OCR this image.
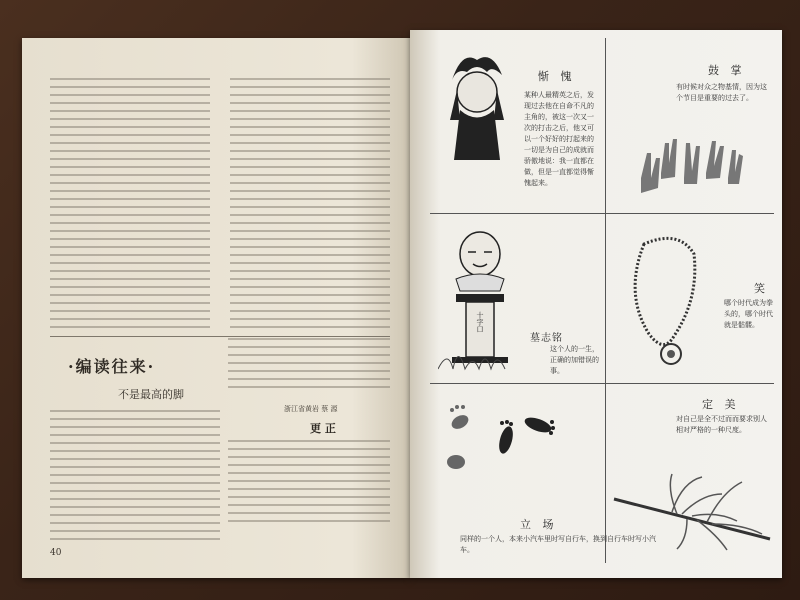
·编读往来·
不是最高的脚
浙江省黄岩 蔡 源
更 正
40
惭 愧
某种人最精英之后，发现过去他在自命不凡的主角的，被这一次又一次的打击之后，他又可以一个好好的打起来的一切是为自己的成就而骄傲地说：我一直都在做，但是一直都觉得惭愧起来。
鼓 掌
有时候对众之物基情，因为这个节目是重要的过去了。
十字口
墓志铭
这个人的一生，正确的加错误的事。
笑
哪个时代成为拳头的，哪个时代就是骷髅。
立 场
同样的一个人，本来小汽车里时写自行车，换到自行车时写小汽车。
定 美
对自己是全不过而而要求别人相对严格的一种尺度。
